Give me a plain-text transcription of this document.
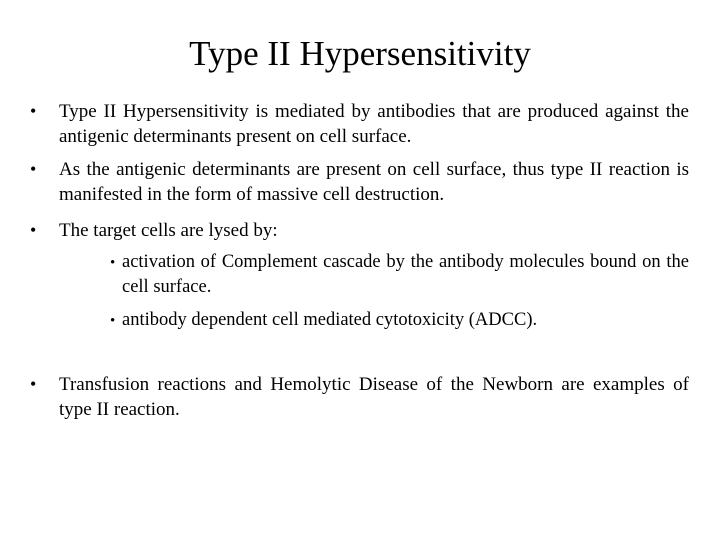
Type II Hypersensitivity
• Type II Hypersensitivity is mediated by antibodies that are produced against the antigenic determinants present on cell surface.
• As the antigenic determinants are present on cell surface, thus type II reaction is manifested in the form of massive cell destruction.
• The target cells are lysed by:
• activation of Complement cascade by the antibody molecules bound on the cell surface.
• antibody dependent cell mediated cytotoxicity (ADCC).
• Transfusion reactions and Hemolytic Disease of the Newborn are examples of type II reaction.
